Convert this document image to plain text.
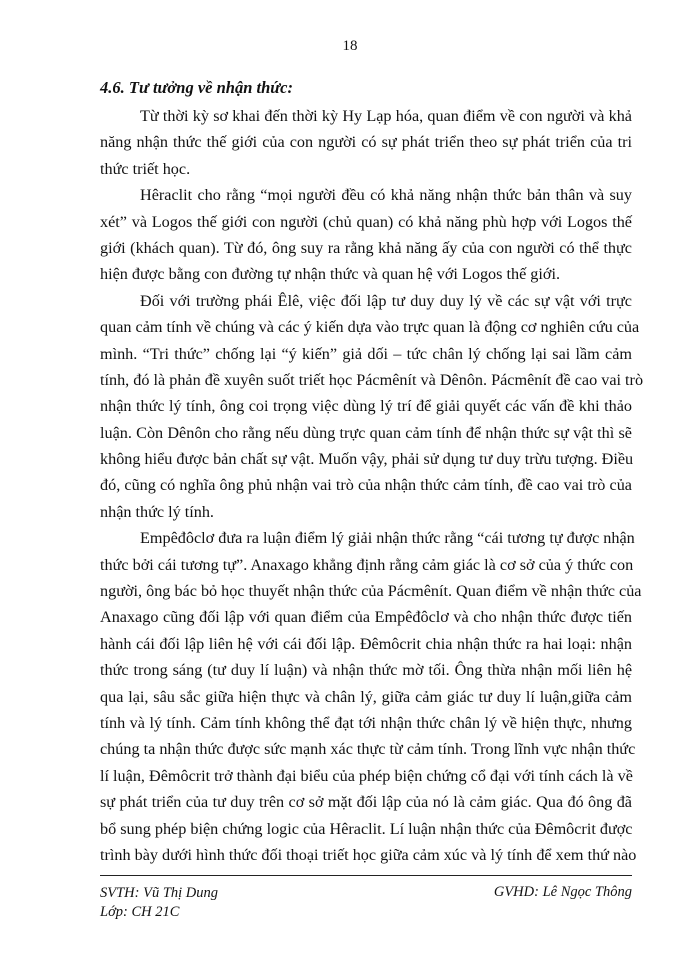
18
4.6. Tư tưởng về nhận thức:
Từ thời kỳ sơ khai đến thời kỳ Hy Lạp hóa, quan điểm về con người và khả
năng nhận thức thế giới của con người có sự phát triển theo sự phát triển của tri
thức triết học.
Hêraclit cho rằng “mọi người đều có khả năng nhận thức bản thân và suy
xét” và Logos thế giới con người (chủ quan) có khả năng phù hợp với Logos thế
giới (khách quan). Từ đó, ông suy ra rằng khả năng ấy của con người có thể thực
hiện được bằng con đường tự nhận thức và quan hệ với Logos thế giới.
Đối với trường phái Êlê, việc đối lập tư duy duy lý về các sự vật với trực
quan cảm tính về chúng và các ý kiến dựa vào trực quan là động cơ nghiên cứu của
mình. “Tri thức” chống lại “ý kiến” giả dối – tức chân lý chống lại sai lầm cảm
tính, đó là phản đề xuyên suốt triết học Pácmênít và Dênôn. Pácmênít đề cao vai trò
nhận thức lý tính, ông coi trọng việc dùng lý trí để giải quyết các vấn đề khi thảo
luận. Còn Dênôn cho rằng nếu dùng trực quan cảm tính để nhận thức sự vật thì sẽ
không hiểu được bản chất sự vật. Muốn vậy, phải sử dụng tư duy trừu tượng. Điều
đó, cũng có nghĩa ông phủ nhận vai trò của nhận thức cảm tính, đề cao vai trò của
nhận thức lý tính.
Empêđôclơ đưa ra luận điểm lý giải nhận thức rằng “cái tương tự được nhận
thức bởi cái tương tự”. Anaxago khẳng định rằng cảm giác là cơ sở của ý thức con
người, ông bác bỏ học thuyết nhận thức của Pácmênít. Quan điểm về nhận thức của
Anaxago cũng đối lập với quan điểm của Empêđôclơ và cho nhận thức được tiến
hành cái đối lập liên hệ với cái đối lập. Đêmôcrit chia nhận thức ra hai loại: nhận
thức trong sáng (tư duy lí luận) và nhận thức mờ tối. Ông thừa nhận mối liên hệ
qua lại, sâu sắc giữa hiện thực và chân lý, giữa cảm giác tư duy lí luận,giữa cảm
tính và lý tính. Cảm tính không thể đạt tới nhận thức chân lý về hiện thực, nhưng
chúng ta nhận thức được sức mạnh xác thực từ cảm tính. Trong lĩnh vực nhận thức
lí luận, Đêmôcrit trở thành đại biểu của phép biện chứng cổ đại với tính cách là về
sự phát triển của tư duy trên cơ sở mặt đối lập của nó là cảm giác. Qua đó ông đã
bổ sung phép biện chứng logic của Hêraclit. Lí luận nhận thức của Đêmôcrit được
trình bày dưới hình thức đối thoại triết học giữa cảm xúc và lý tính để xem thứ nào
SVTH: Vũ Thị Dung
Lớp: CH 21C
GVHD: Lê Ngọc Thông
